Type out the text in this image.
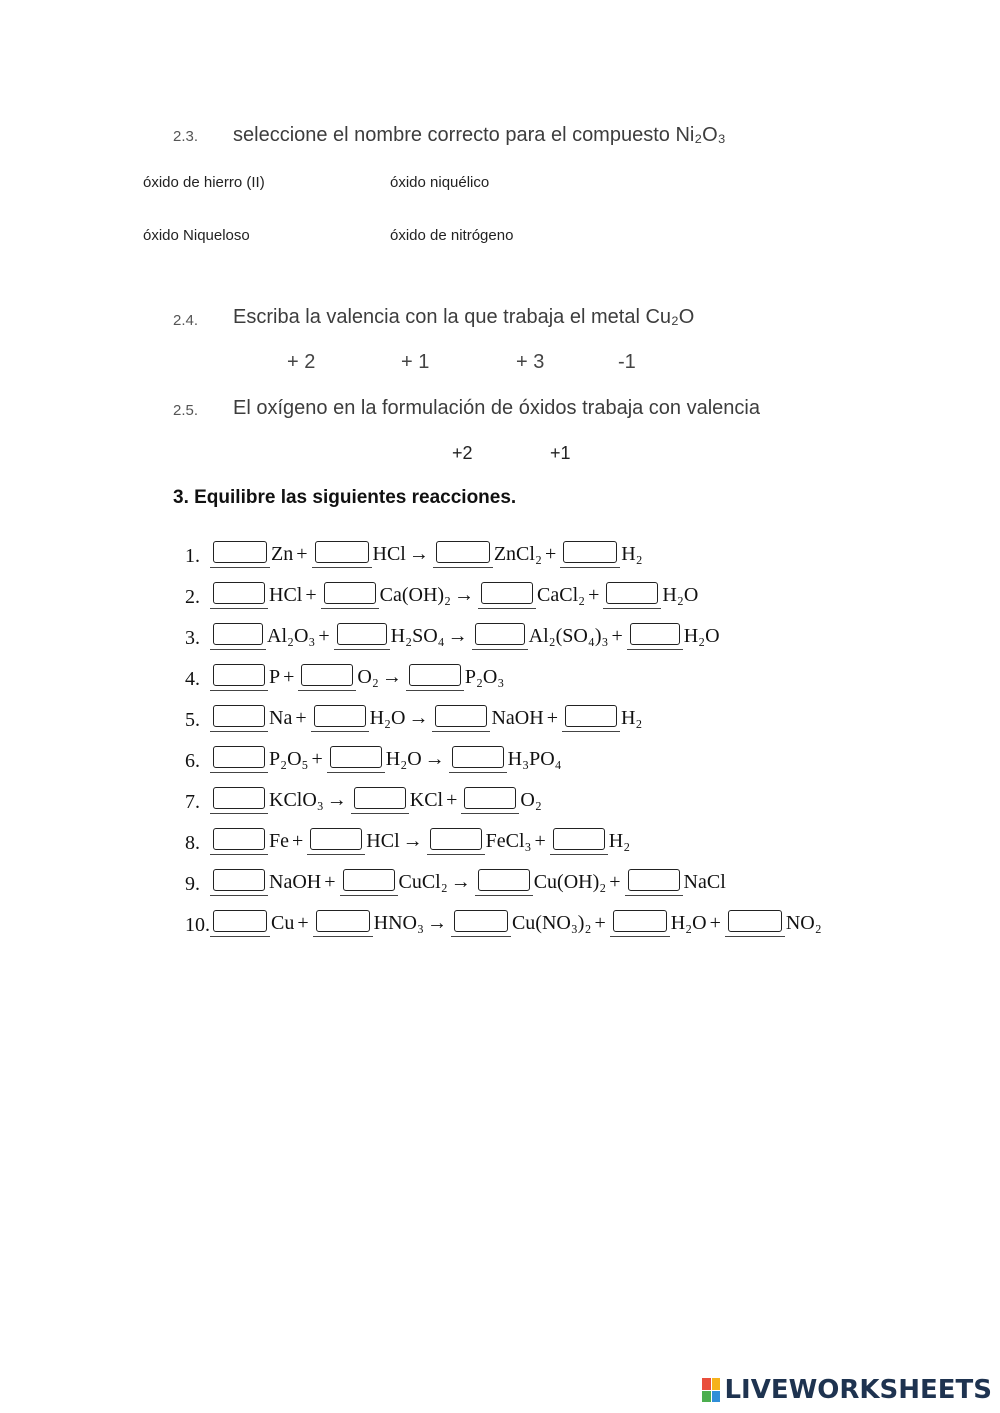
2.3. seleccione el nombre correcto para el compuesto Ni₂O₃
óxido de hierro (II)	óxido niquélico
óxido Niqueloso	óxido de nitrógeno
2.4. Escriba la valencia con la que trabaja el metal Cu₂O
+ 2	+ 1	+ 3	-1
2.5. El oxígeno en la formulación de óxidos trabaja con valencia
+2	+1
3. Equilibre las siguientes reacciones.
1.	Zn +	HCl →	ZnCl₂ +	H₂
2.	HCl +	Ca(OH)₂ →	CaCl₂ +	H₂O
3.	Al₂O₃ +	H₂SO₄ →	Al₂(SO₄)₃ +	H₂O
4.	P +	O₂ →	P₂O₃
5.	Na +	H₂O →	NaOH +	H₂
6.	P₂O₅ +	H₂O →	H₃PO₄
7.	KClO₃ →	KCl +	O₂
8.	Fe +	HCl →	FeCl₃ +	H₂
9.	NaOH +	CuCl₂ →	Cu(OH)₂ +	NaCl
10.	Cu +	HNO₃ →	Cu(NO₃)₂ +	H₂O +	NO₂
LIVEWORKSHEETS
